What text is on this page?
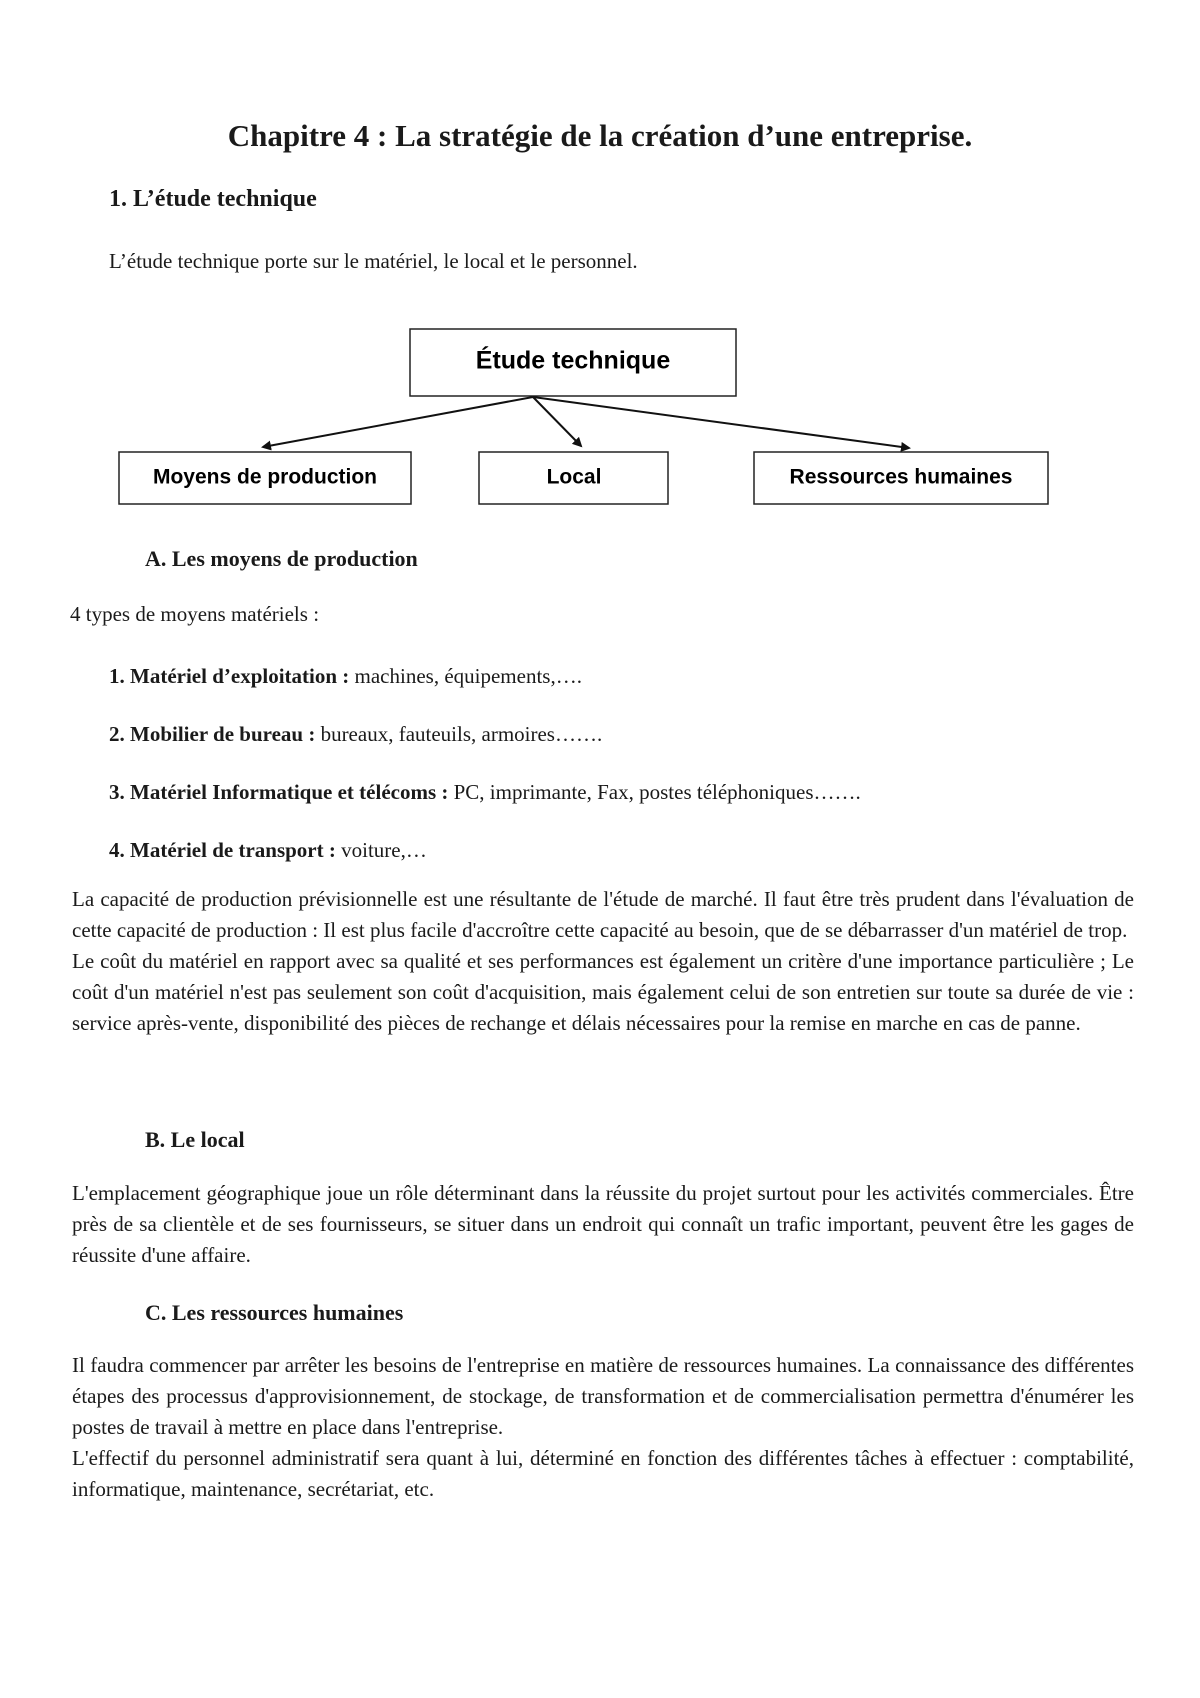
Chapitre 4 : La stratégie de la création d’une entreprise.
1. L’étude technique
L’étude technique porte sur le matériel, le local et le personnel.
Étude technique
Moyens de production	Local	Ressources humaines
A. Les moyens de production
4 types de moyens matériels :
1. Matériel d’exploitation : machines, équipements,….
2. Mobilier de bureau : bureaux, fauteuils, armoires…….
3. Matériel Informatique et télécoms : PC, imprimante, Fax, postes téléphoniques…….
4. Matériel de transport : voiture,…

La capacité de production prévisionnelle est une résultante de l'étude de marché. Il faut être très prudent dans l'évaluation de cette capacité de production : Il est plus facile d'accroître cette capacité au besoin, que de se débarrasser d'un matériel de trop.

Le coût du matériel en rapport avec sa qualité et ses performances est également un critère d'une importance particulière ; Le coût d'un matériel n'est pas seulement son coût d'acquisition, mais également celui de son entretien sur toute sa durée de vie : service après-vente, disponibilité des pièces de rechange et délais nécessaires pour la remise en marche en cas de panne.

B. Le local

L'emplacement géographique joue un rôle déterminant dans la réussite du projet surtout pour les activités commerciales. Être près de sa clientèle et de ses fournisseurs, se situer dans un endroit qui connaît un trafic important, peuvent être les gages de réussite d'une affaire.

C. Les ressources humaines

Il faudra commencer par arrêter les besoins de l'entreprise en matière de ressources humaines. La connaissance des différentes étapes des processus d'approvisionnement, de stockage, de transformation et de commercialisation permettra d'énumérer les postes de travail à mettre en place dans l'entreprise.

L'effectif du personnel administratif sera quant à lui, déterminé en fonction des différentes tâches à effectuer : comptabilité, informatique, maintenance, secrétariat, etc.
